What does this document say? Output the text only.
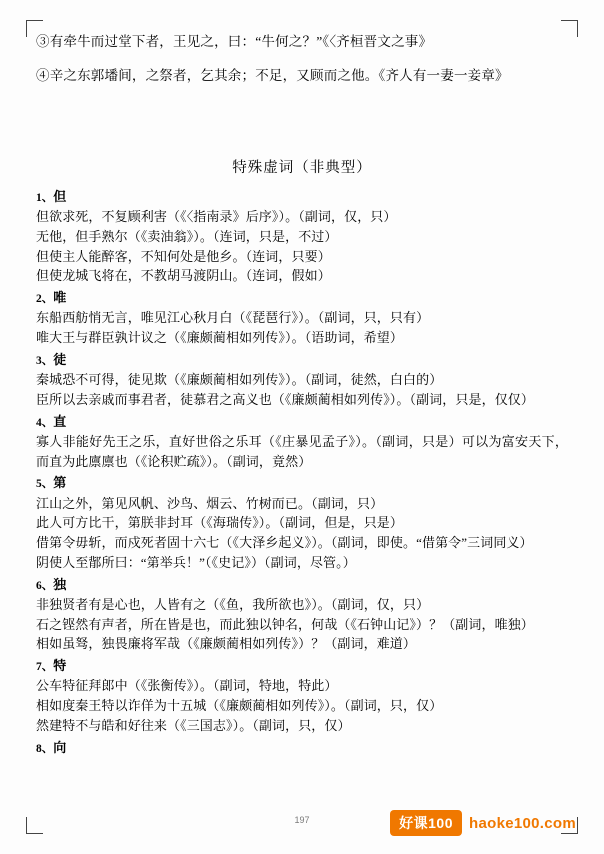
③有牵牛而过堂下者，王见之，曰：“牛何之？”《〈齐桓晋文之事》
④辛之东郭墦间，之祭者，乞其余；不足，又顾而之他。《齐人有一妻一妾章》
特殊虚词（非典型）
1、但
但欲求死，不复顾利害（《〈指南录》后序》）。（副词，仅，只）
无他，但手熟尔（《卖油翁》）。（连词，只是，不过）
但使主人能醉客，不知何处是他乡。（连词，只要）
但使龙城飞将在，不教胡马渡阴山。（连词，假如）
2、唯
东船西舫悄无言，唯见江心秋月白（《琵琶行》）。（副词，只，只有）
唯大王与群臣孰计议之（《廉颇蔺相如列传》）。（语助词，希望）
3、徒
秦城恐不可得，徒见欺（《廉颇蔺相如列传》）。（副词，徒然，白白的）
臣所以去亲戚而事君者，徒慕君之高义也（《廉颇蔺相如列传》）。（副词，只是，仅仅）
4、直
寡人非能好先王之乐，直好世俗之乐耳（《庄暴见孟子》）。（副词，只是）可以为富安天下，而直为此廪廪也（《论积贮疏》）。（副词，竟然）
5、第
江山之外，第见风帆、沙鸟、烟云、竹树而已。（副词，只）
此人可方比干，第朕非封耳（《海瑞传》）。（副词，但是，只是）
借第令毋斩，而戍死者固十六七（《大泽乡起义》）。（副词，即使。“借第令”三词同义）
阴使人至鄁所曰：“第举兵！”（《史记》）（副词，尽管。）
6、独
非独贤者有是心也，人皆有之（《鱼，我所欲也》）。（副词，仅，只）
石之铿然有声者，所在皆是也，而此独以钟名，何哉（《石钟山记》）？（副词，唯独）
相如虽驽，独畏廉将军哉（《廉颇蔺相如列传》）？（副词，难道）
7、特
公车特征拜郎中（《张衡传》）。（副词，特地，特此）
相如度秦王特以诈佯为十五城（《廉颇蔺相如列传》）。（副词，只，仅）
然建特不与皓和好往来（《三国志》）。（副词，只，仅）
8、向
197	好课100	haoke100.com
